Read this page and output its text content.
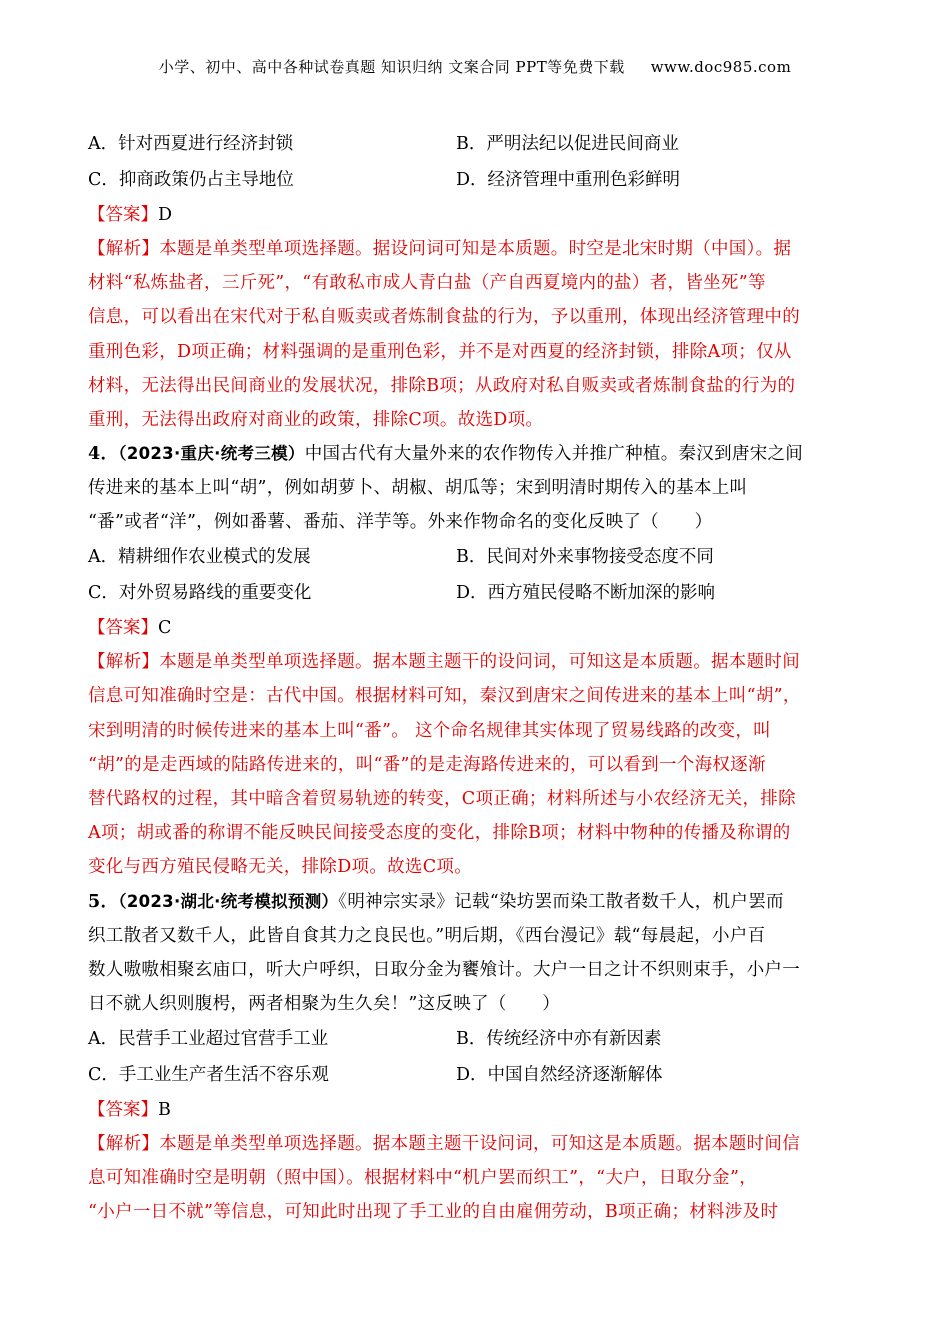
小学、初中、高中各种试卷真题 知识归纳 文案合同 PPT等免费下载 www.doc985.com
A．针对西夏进行经济封锁	B．严明法纪以促进民间商业
C．抑商政策仍占主导地位	D．经济管理中重刑色彩鲜明
【答案】D
【解析】本题是单类型单项选择题。据设问词可知是本质题。时空是北宋时期（中国）。据
材料“私炼盐者，三斤死”，“有敢私市成人青白盐（产自西夏境内的盐）者，皆坐死”等
信息，可以看出在宋代对于私自贩卖或者炼制食盐的行为，予以重刑，体现出经济管理中的
重刑色彩，D项正确；材料强调的是重刑色彩，并不是对西夏的经济封锁，排除A项；仅从
材料，无法得出民间商业的发展状况，排除B项；从政府对私自贩卖或者炼制食盐的行为的
重刑，无法得出政府对商业的政策，排除C项。故选D项。
4．（2023·重庆·统考三模）中国古代有大量外来的农作物传入并推广种植。秦汉到唐宋之间
传进来的基本上叫“胡”，例如胡萝卜、胡椒、胡瓜等；宋到明清时期传入的基本上叫
“番”或者“洋”，例如番薯、番茄、洋芋等。外来作物命名的变化反映了（　　）
A．精耕细作农业模式的发展	B．民间对外来事物接受态度不同
C．对外贸易路线的重要变化	D．西方殖民侵略不断加深的影响
【答案】C
【解析】本题是单类型单项选择题。据本题主题干的设问词，可知这是本质题。据本题时间
信息可知准确时空是：古代中国。根据材料可知，秦汉到唐宋之间传进来的基本上叫“胡”，
宋到明清的时候传进来的基本上叫“番”。 这个命名规律其实体现了贸易线路的改变，叫
“胡”的是走西域的陆路传进来的，叫“番”的是走海路传进来的，可以看到一个海权逐渐
替代路权的过程，其中暗含着贸易轨迹的转变，C项正确；材料所述与小农经济无关，排除
A项；胡或番的称谓不能反映民间接受态度的变化，排除B项；材料中物种的传播及称谓的
变化与西方殖民侵略无关，排除D项。故选C项。
5．（2023·湖北·统考模拟预测）《明神宗实录》记载“染坊罢而染工散者数千人，机户罢而
织工散者又数千人，此皆自食其力之良民也。”明后期，《西台漫记》载“每晨起，小户百
数人嗷嗷相聚玄庙口，听大户呼织，日取分金为饔飧计。大户一日之计不织则束手，小户一
日不就人织则腹枵，两者相聚为生久矣！”这反映了（　　）
A．民营手工业超过官营手工业	B．传统经济中亦有新因素
C．手工业生产者生活不容乐观	D．中国自然经济逐渐解体
【答案】B
【解析】本题是单类型单项选择题。据本题主题干设问词，可知这是本质题。据本题时间信
息可知准确时空是明朝（照中国）。根据材料中“机户罢而织工”，“大户，日取分金”，
“小户一日不就”等信息，可知此时出现了手工业的自由雇佣劳动，B项正确；材料涉及时
